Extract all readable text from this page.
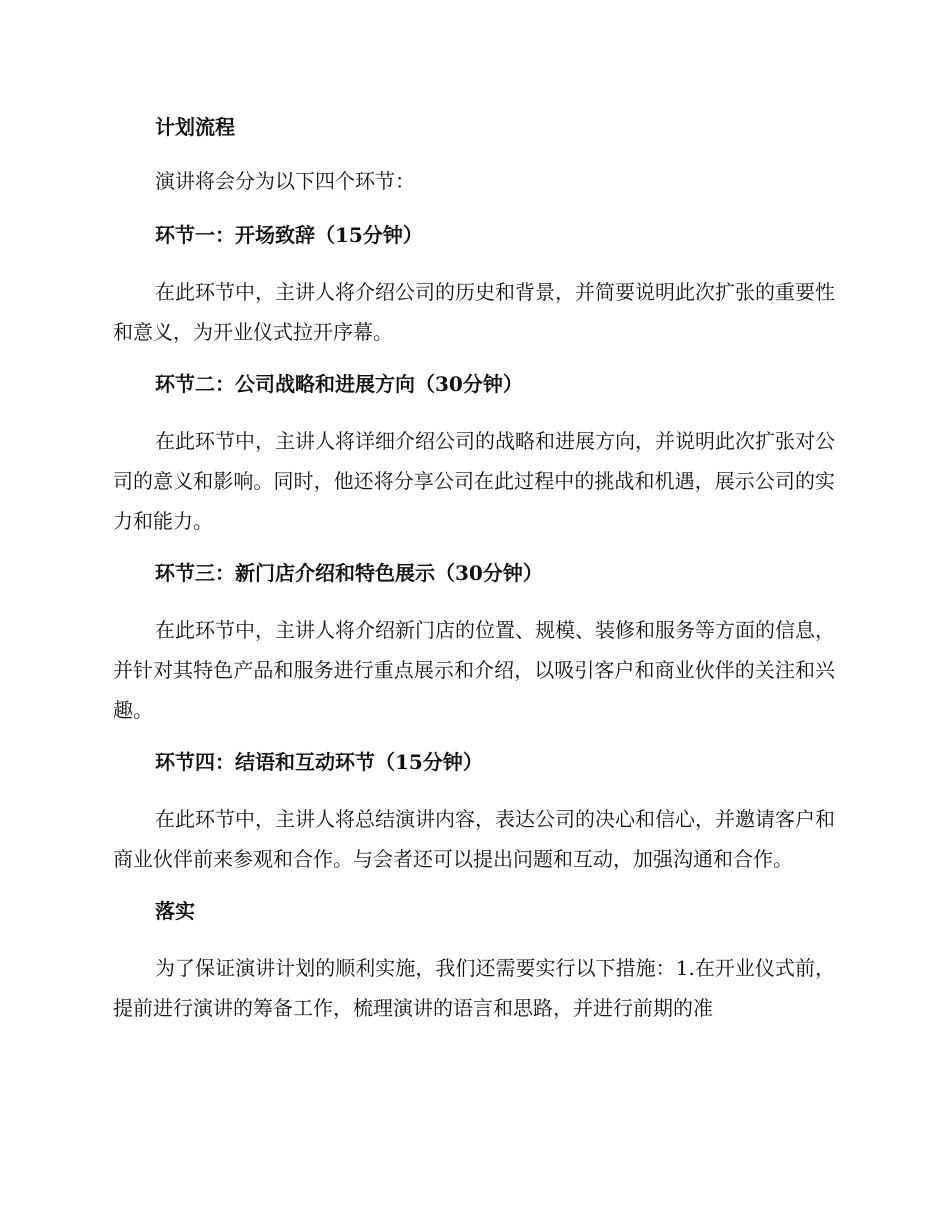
计划流程

演讲将会分为以下四个环节：

环节一：开场致辞（15分钟）

在此环节中，主讲人将介绍公司的历史和背景，并简要说明此次扩张的重要性和意义，为开业仪式拉开序幕。

环节二：公司战略和进展方向（30分钟）

在此环节中，主讲人将详细介绍公司的战略和进展方向，并说明此次扩张对公司的意义和影响。同时，他还将分享公司在此过程中的挑战和机遇，展示公司的实力和能力。

环节三：新门店介绍和特色展示（30分钟）

在此环节中，主讲人将介绍新门店的位置、规模、装修和服务等方面的信息，并针对其特色产品和服务进行重点展示和介绍，以吸引客户和商业伙伴的关注和兴趣。

环节四：结语和互动环节（15分钟）

在此环节中，主讲人将总结演讲内容，表达公司的决心和信心，并邀请客户和商业伙伴前来参观和合作。与会者还可以提出问题和互动，加强沟通和合作。

落实

为了保证演讲计划的顺利实施，我们还需要实行以下措施：1.在开业仪式前，提前进行演讲的筹备工作，梳理演讲的语言和思路，并进行前期的准
